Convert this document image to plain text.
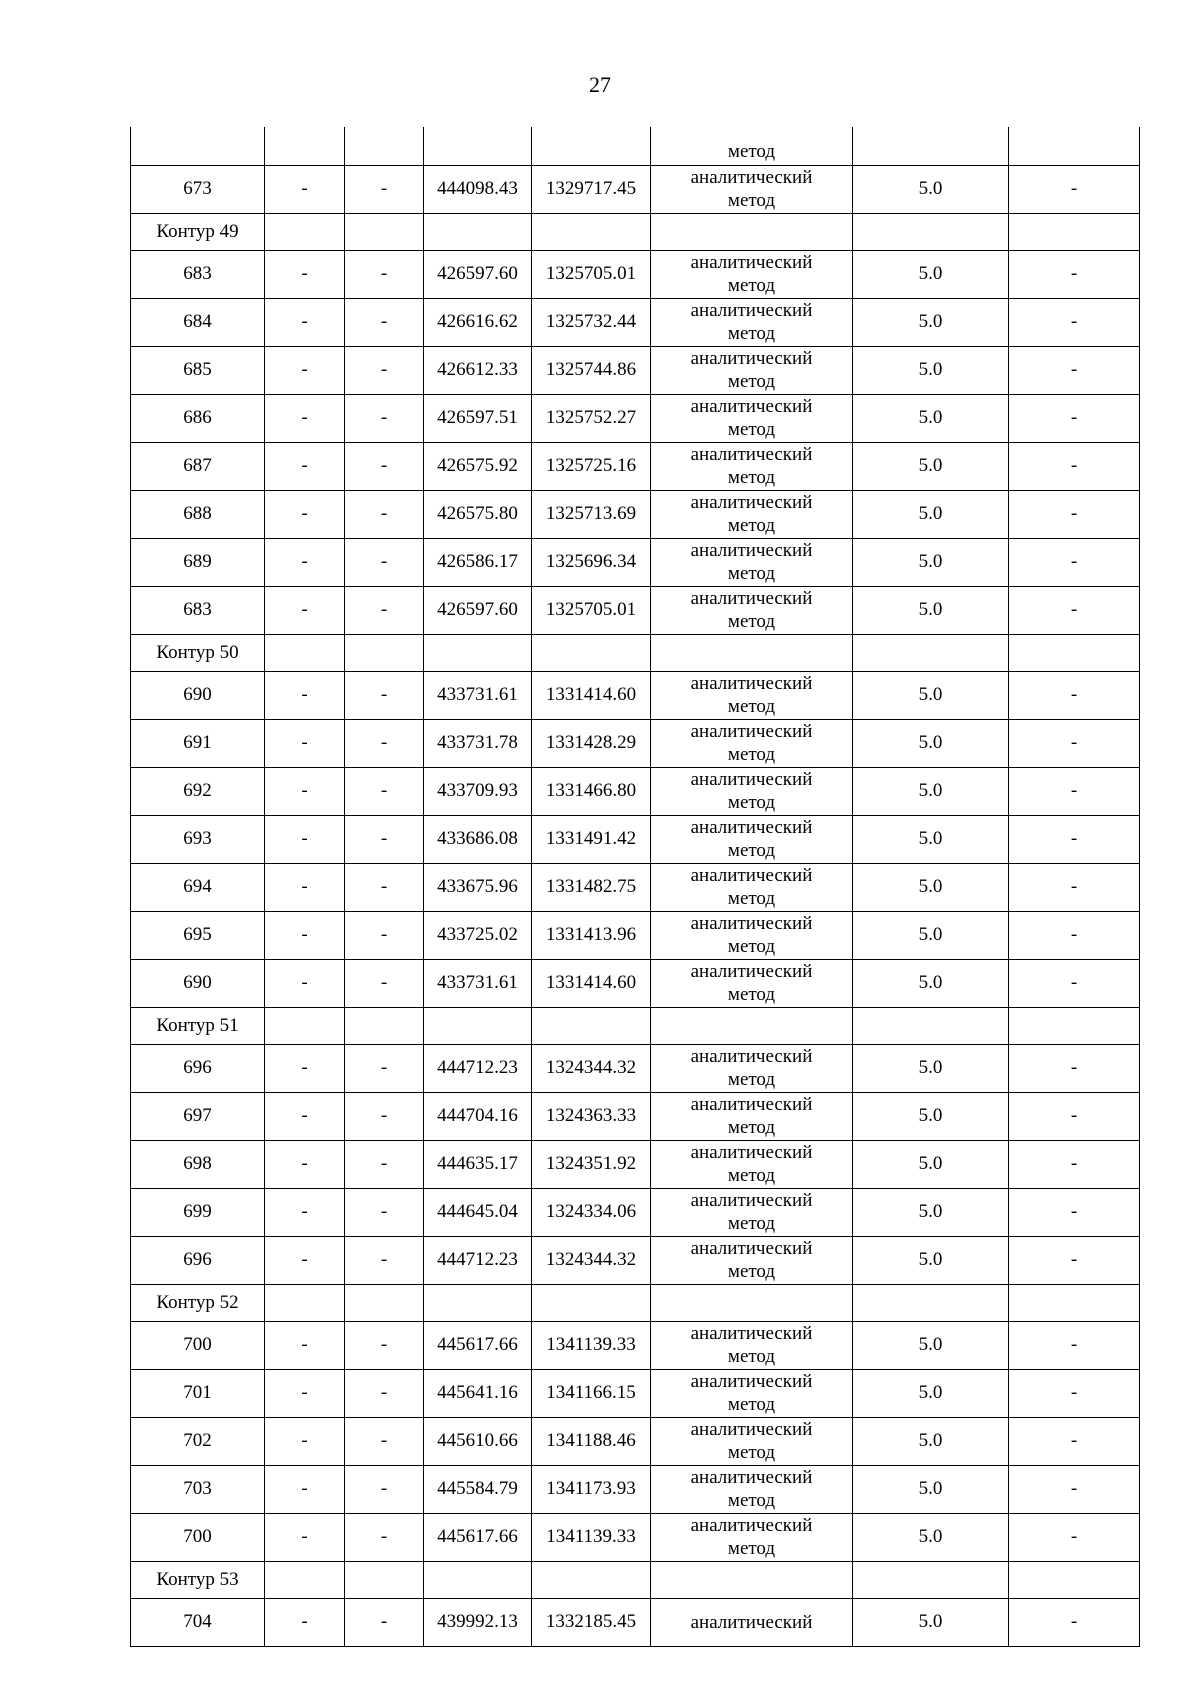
27
					метод		
673	-	-	444098.43	1329717.45	аналитический
метод	5.0	-
Контур 49							
683	-	-	426597.60	1325705.01	аналитический
метод	5.0	-
684	-	-	426616.62	1325732.44	аналитический
метод	5.0	-
685	-	-	426612.33	1325744.86	аналитический
метод	5.0	-
686	-	-	426597.51	1325752.27	аналитический
метод	5.0	-
687	-	-	426575.92	1325725.16	аналитический
метод	5.0	-
688	-	-	426575.80	1325713.69	аналитический
метод	5.0	-
689	-	-	426586.17	1325696.34	аналитический
метод	5.0	-
683	-	-	426597.60	1325705.01	аналитический
метод	5.0	-
Контур 50							
690	-	-	433731.61	1331414.60	аналитический
метод	5.0	-
691	-	-	433731.78	1331428.29	аналитический
метод	5.0	-
692	-	-	433709.93	1331466.80	аналитический
метод	5.0	-
693	-	-	433686.08	1331491.42	аналитический
метод	5.0	-
694	-	-	433675.96	1331482.75	аналитический
метод	5.0	-
695	-	-	433725.02	1331413.96	аналитический
метод	5.0	-
690	-	-	433731.61	1331414.60	аналитический
метод	5.0	-
Контур 51							
696	-	-	444712.23	1324344.32	аналитический
метод	5.0	-
697	-	-	444704.16	1324363.33	аналитический
метод	5.0	-
698	-	-	444635.17	1324351.92	аналитический
метод	5.0	-
699	-	-	444645.04	1324334.06	аналитический
метод	5.0	-
696	-	-	444712.23	1324344.32	аналитический
метод	5.0	-
Контур 52							
700	-	-	445617.66	1341139.33	аналитический
метод	5.0	-
701	-	-	445641.16	1341166.15	аналитический
метод	5.0	-
702	-	-	445610.66	1341188.46	аналитический
метод	5.0	-
703	-	-	445584.79	1341173.93	аналитический
метод	5.0	-
700	-	-	445617.66	1341139.33	аналитический
метод	5.0	-
Контур 53							
704	-	-	439992.13	1332185.45	аналитический	5.0	-
